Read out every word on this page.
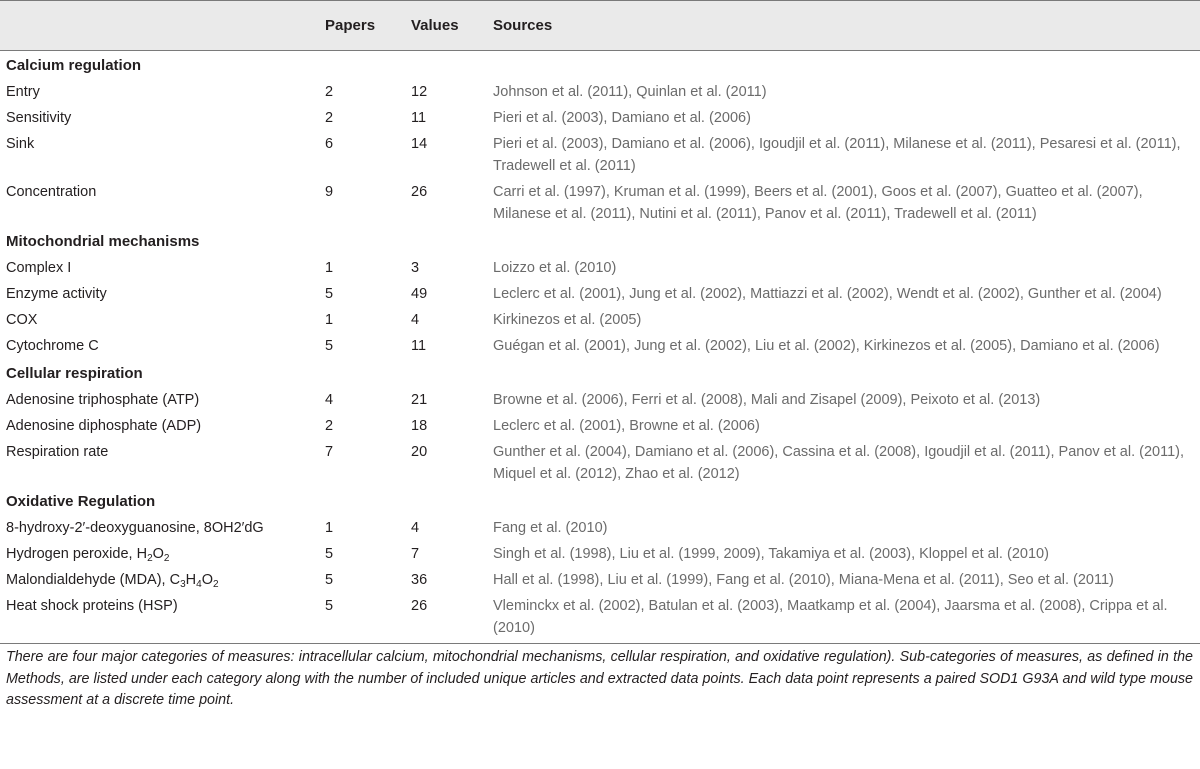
	Papers	Values	Sources
Calcium regulation			
Entry	2	12	Johnson et al. (2011), Quinlan et al. (2011)
Sensitivity	2	11	Pieri et al. (2003), Damiano et al. (2006)
Sink	6	14	Pieri et al. (2003), Damiano et al. (2006), Igoudjil et al. (2011), Milanese et al. (2011), Pesaresi et al. (2011), Tradewell et al. (2011)
Concentration	9	26	Carri et al. (1997), Kruman et al. (1999), Beers et al. (2001), Goos et al. (2007), Guatteo et al. (2007), Milanese et al. (2011), Nutini et al. (2011), Panov et al. (2011), Tradewell et al. (2011)
Mitochondrial mechanisms			
Complex I	1	3	Loizzo et al. (2010)
Enzyme activity	5	49	Leclerc et al. (2001), Jung et al. (2002), Mattiazzi et al. (2002), Wendt et al. (2002), Gunther et al. (2004)
COX	1	4	Kirkinezos et al. (2005)
Cytochrome C	5	11	Guégan et al. (2001), Jung et al. (2002), Liu et al. (2002), Kirkinezos et al. (2005), Damiano et al. (2006)
Cellular respiration			
Adenosine triphosphate (ATP)	4	21	Browne et al. (2006), Ferri et al. (2008), Mali and Zisapel (2009), Peixoto et al. (2013)
Adenosine diphosphate (ADP)	2	18	Leclerc et al. (2001), Browne et al. (2006)
Respiration rate	7	20	Gunther et al. (2004), Damiano et al. (2006), Cassina et al. (2008), Igoudjil et al. (2011), Panov et al. (2011), Miquel et al. (2012), Zhao et al. (2012)
Oxidative Regulation			
8-hydroxy-2′-deoxyguanosine, 8OH2′dG	1	4	Fang et al. (2010)
Hydrogen peroxide, $H_2O_2$	5	7	Singh et al. (1998), Liu et al. (1999, 2009), Takamiya et al. (2003), Kloppel et al. (2010)
Malondialdehyde (MDA), $C_3H_4O_2$	5	36	Hall et al. (1998), Liu et al. (1999), Fang et al. (2010), Miana-Mena et al. (2011), Seo et al. (2011)
Heat shock proteins (HSP)	5	26	Vleminckx et al. (2002), Batulan et al. (2003), Maatkamp et al. (2004), Jaarsma et al. (2008), Crippa et al. (2010)
There are four major categories of measures: intracellular calcium, mitochondrial mechanisms, cellular respiration, and oxidative regulation). Sub-categories of measures, as defined in the Methods, are listed under each category along with the number of included unique articles and extracted data points. Each data point represents a paired SOD1 G93A and wild type mouse assessment at a discrete time point.
